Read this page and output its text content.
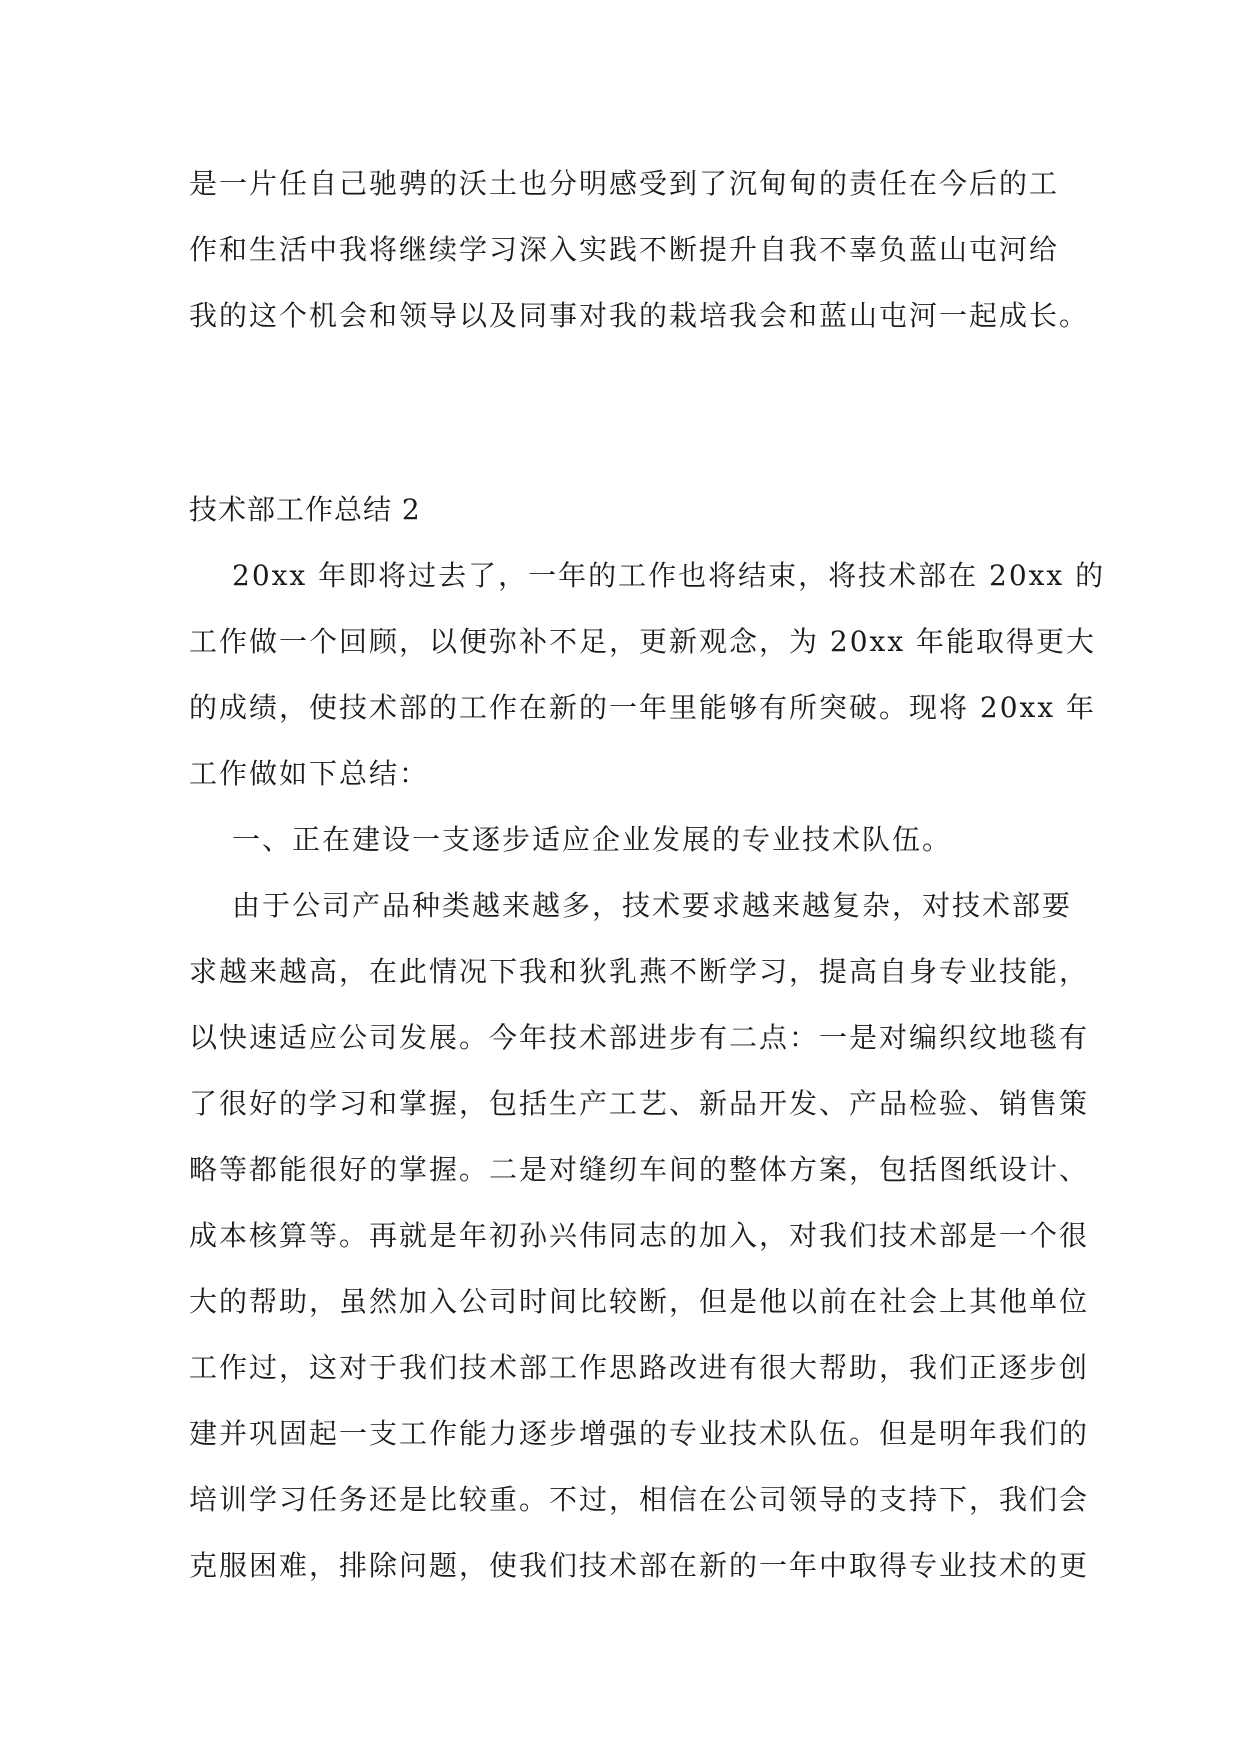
是一片任自己驰骋的沃土也分明感受到了沉甸甸的责任在今后的工
作和生活中我将继续学习深入实践不断提升自我不辜负蓝山屯河给
我的这个机会和领导以及同事对我的栽培我会和蓝山屯河一起成长。
技术部工作总结 2
20xx 年即将过去了，一年的工作也将结束，将技术部在 20xx 的
工作做一个回顾，以便弥补不足，更新观念，为 20xx 年能取得更大
的成绩，使技术部的工作在新的一年里能够有所突破。现将 20xx 年
工作做如下总结：
一、正在建设一支逐步适应企业发展的专业技术队伍。
由于公司产品种类越来越多，技术要求越来越复杂，对技术部要
求越来越高，在此情况下我和狄乳燕不断学习，提高自身专业技能，
以快速适应公司发展。今年技术部进步有二点：一是对编织纹地毯有
了很好的学习和掌握，包括生产工艺、新品开发、产品检验、销售策
略等都能很好的掌握。二是对缝纫车间的整体方案，包括图纸设计、
成本核算等。再就是年初孙兴伟同志的加入，对我们技术部是一个很
大的帮助，虽然加入公司时间比较断，但是他以前在社会上其他单位
工作过，这对于我们技术部工作思路改进有很大帮助，我们正逐步创
建并巩固起一支工作能力逐步增强的专业技术队伍。但是明年我们的
培训学习任务还是比较重。不过，相信在公司领导的支持下，我们会
克服困难，排除问题，使我们技术部在新的一年中取得专业技术的更
